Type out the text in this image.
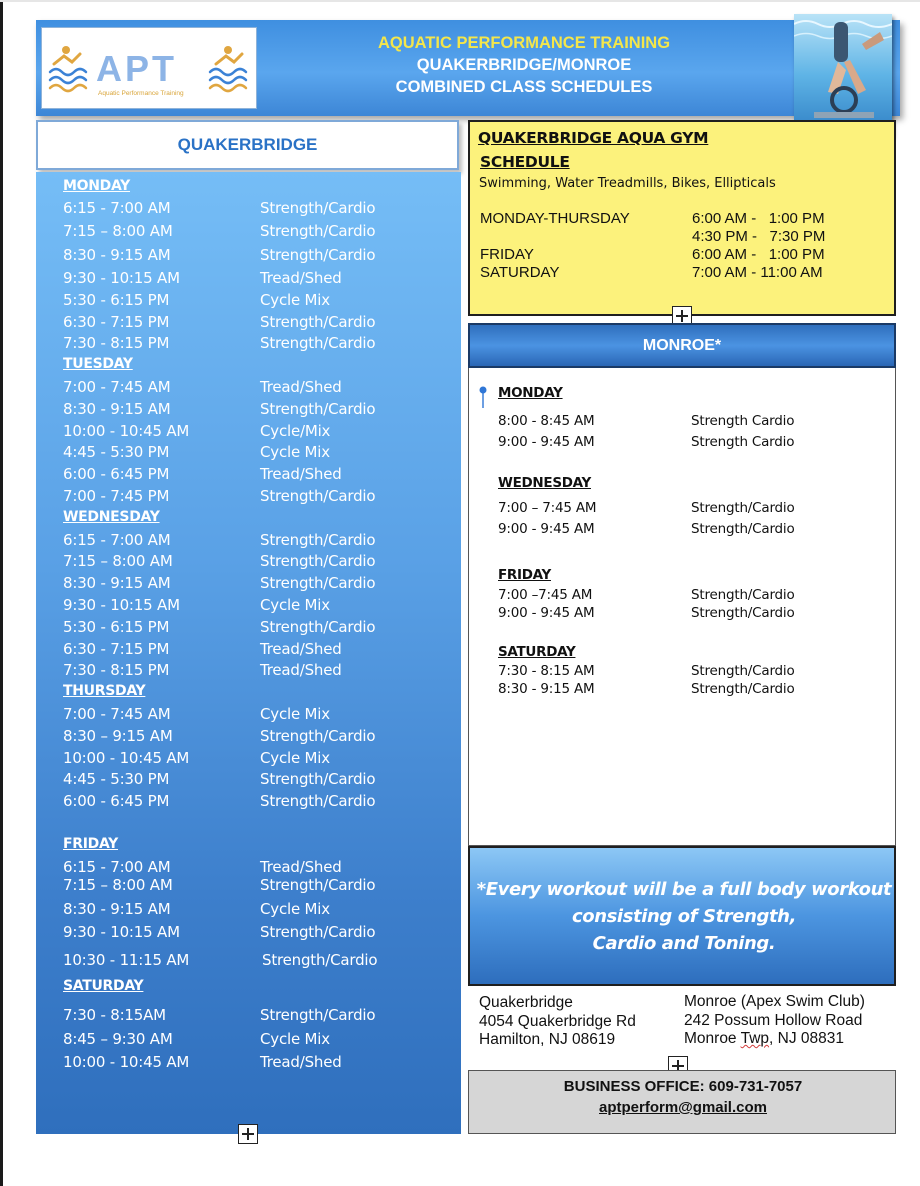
APT
Aquatic Performance Training
AQUATIC PERFORMANCE TRAINING
QUAKERBRIDGE/MONROE
COMBINED CLASS SCHEDULES
QUAKERBRIDGE
MONDAY
6:15 - 7:00 AM	Strength/Cardio
7:15 – 8:00 AM	Strength/Cardio
8:30 - 9:15 AM	Strength/Cardio
9:30 - 10:15 AM	Tread/Shed
5:30 - 6:15 PM	Cycle Mix
6:30 - 7:15 PM	Strength/Cardio
7:30 - 8:15 PM	Strength/Cardio
TUESDAY
7:00 - 7:45 AM	Tread/Shed
8:30 - 9:15 AM	Strength/Cardio
10:00 - 10:45 AM	Cycle/Mix
4:45 - 5:30 PM	Cycle Mix
6:00 - 6:45 PM	Tread/Shed
7:00 - 7:45 PM	Strength/Cardio
WEDNESDAY
6:15 - 7:00 AM	Strength/Cardio
7:15 – 8:00 AM	Strength/Cardio
8:30 - 9:15 AM	Strength/Cardio
9:30 - 10:15 AM	Cycle Mix
5:30 - 6:15 PM	Strength/Cardio
6:30 - 7:15 PM	Tread/Shed
7:30 - 8:15 PM	Tread/Shed
THURSDAY
7:00 - 7:45 AM	Cycle Mix
8:30 – 9:15 AM	Strength/Cardio
10:00 - 10:45 AM	Cycle Mix
4:45 - 5:30 PM	Strength/Cardio
6:00 - 6:45 PM	Strength/Cardio
FRIDAY
6:15 - 7:00 AM	Tread/Shed
7:15 – 8:00 AM	Strength/Cardio
8:30 - 9:15 AM	Cycle Mix
9:30 - 10:15 AM	Strength/Cardio
10:30 - 11:15 AM	Strength/Cardio
SATURDAY
7:30 - 8:15AM	Strength/Cardio
8:45 – 9:30 AM	Cycle Mix
10:00 - 10:45 AM	Tread/Shed
QUAKERBRIDGE AQUA GYM
SCHEDULE
Swimming, Water Treadmills, Bikes, Ellipticals
MONDAY-THURSDAY	6:00 AM -   1:00 PM
4:30 PM -   7:30 PM
FRIDAY	6:00 AM -   1:00 PM
SATURDAY	7:00 AM - 11:00 AM
MONROE*
MONDAY
8:00 - 8:45 AM	Strength Cardio
9:00 - 9:45 AM	Strength Cardio
WEDNESDAY
7:00 – 7:45 AM	Strength/Cardio
9:00 - 9:45 AM	Strength/Cardio
FRIDAY
7:00 –7:45 AM	Strength/Cardio
9:00 - 9:45 AM	Strength/Cardio
SATURDAY
7:30 - 8:15 AM	Strength/Cardio
8:30 - 9:15 AM	Strength/Cardio
*Every workout will be a full body workout
consisting of Strength,
Cardio and Toning.
Quakerbridge
4054 Quakerbridge Rd
Hamilton, NJ 08619
Monroe (Apex Swim Club)
242 Possum Hollow Road
Monroe Twp, NJ 08831
BUSINESS OFFICE: 609-731-7057
aptperform@gmail.com
